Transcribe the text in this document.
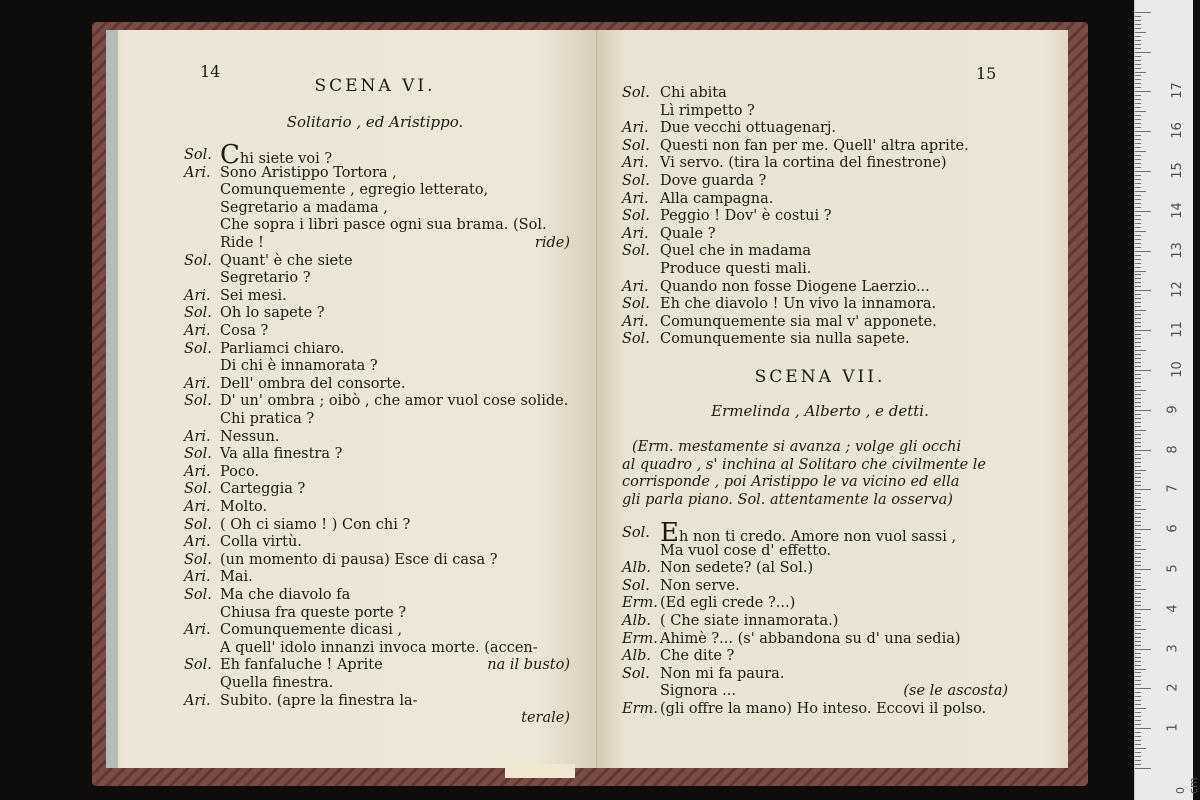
14
SCENA VI.
Solitario , ed Aristippo.
Sol. Chi siete voi ?
Ari. Sono Aristippo Tortora ,
Comunquemente , egregio letterato,
Segretario a madama ,
Che sopra i libri pasce ogni sua brama. (Sol.
Ride !	ride)
Sol. Quant' è che siete
Segretario ?
Ari. Sei mesi.
Sol. Oh lo sapete ?
Ari. Cosa ?
Sol. Parliamci chiaro.
Di chi è innamorata ?
Ari. Dell' ombra del consorte.
Sol. D' un' ombra ; oibò , che amor vuol cose solide.
Chi pratica ?
Ari. Nessun.
Sol. Va alla finestra ?
Ari. Poco.
Sol. Carteggia ?
Ari. Molto.
Sol. ( Oh ci siamo ! ) Con chi ?
Ari. Colla virtù.
Sol. (un momento di pausa) Esce di casa ?
Ari. Mai.
Sol. Ma che diavolo fa
Chiusa fra queste porte ?
Ari. Comunquemente dicasi ,
A quell' idolo innanzi invoca morte. (accen-
Sol. Eh fanfaluche ! Aprite	na il busto)
Quella finestra.
Ari. Subito. (apre la finestra la-
terale)
15
Sol. Chi abita
Lì rimpetto ?
Ari. Due vecchi ottuagenarj.
Sol. Questi non fan per me. Quell' altra aprite.
Ari. Vi servo. (tira la cortina del finestrone)
Sol. Dove guarda ?
Ari. Alla campagna.
Sol. Peggio ! Dov' è costui ?
Ari. Quale ?
Sol. Quel che in madama
Produce questi mali.
Ari. Quando non fosse Diogene Laerzio...
Sol. Eh che diavolo ! Un vivo la innamora.
Ari. Comunquemente sia mal v' apponete.
Sol. Comunquemente sia nulla sapete.
SCENA VII.
Ermelinda , Alberto , e detti.
(Erm. mestamente si avanza ; volge gli occhi
al quadro , s' inchina al Solitaro che civilmente le
corrisponde , poi Aristippo le va vicino ed ella
gli parla piano. Sol. attentamente la osserva)
Sol. Eh non ti credo. Amore non vuol sassi ,
Ma vuol cose d' effetto.
Alb. Non sedete? (al Sol.)
Sol. Non serve.
Erm. (Ed egli crede ?...)
Alb. ( Che siate innamorata.)
Erm. Ahimè ?... (s' abbandona su d' una sedia)
Alb. Che dite ?
Sol. Non mi fa paura.
Signora ...	(se le ascosta)
Erm. (gli offre la mano) Ho inteso. Eccovi il polso.
1
2
3
4
5
6
7
8
9
10
11
12
13
14
15
16
17
0 cm
